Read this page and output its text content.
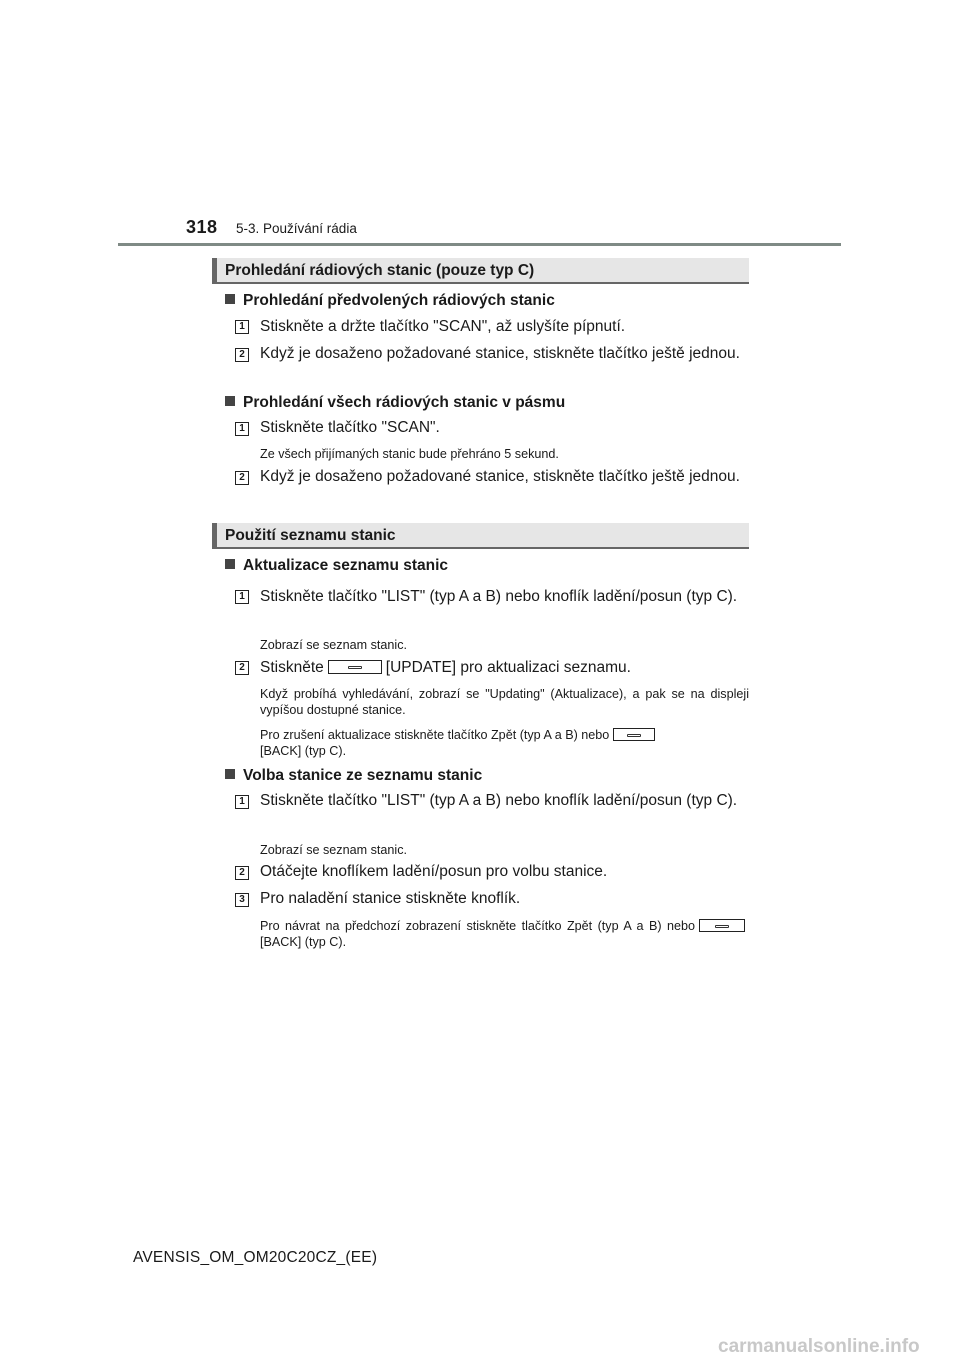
318 5-3. Používání rádia
Prohledání rádiových stanic (pouze typ C)
Prohledání předvolených rádiových stanic
1 Stiskněte a držte tlačítko "SCAN", až uslyšíte pípnutí.
2 Když je dosaženo požadované stanice, stiskněte tlačítko ještě jednou.
Prohledání všech rádiových stanic v pásmu
1 Stiskněte tlačítko "SCAN".
Ze všech přijímaných stanic bude přehráno 5 sekund.
2 Když je dosaženo požadované stanice, stiskněte tlačítko ještě jednou.
Použití seznamu stanic
Aktualizace seznamu stanic
1 Stiskněte tlačítko "LIST" (typ A a B) nebo knoflík ladění/posun (typ C).
Zobrazí se seznam stanic.
2 Stiskněte	[UPDATE] pro aktualizaci seznamu.
Když probíhá vyhledávání, zobrazí se "Updating" (Aktualizace), a pak se na displeji vypíšou dostupné stanice.
Pro zrušení aktualizace stiskněte tlačítko Zpět (typ A a B) nebo

[BACK] (typ C).
Volba stanice ze seznamu stanic
1 Stiskněte tlačítko "LIST" (typ A a B) nebo knoflík ladění/posun (typ C).
Zobrazí se seznam stanic.
2 Otáčejte knoflíkem ladění/posun pro volbu stanice.
3 Pro naladění stanice stiskněte knoflík.
Pro návrat na předchozí zobrazení stiskněte tlačítko Zpět (typ A a B) nebo
[BACK] (typ C).
AVENSIS_OM_OM20C20CZ_(EE)
carmanualsonline.info
